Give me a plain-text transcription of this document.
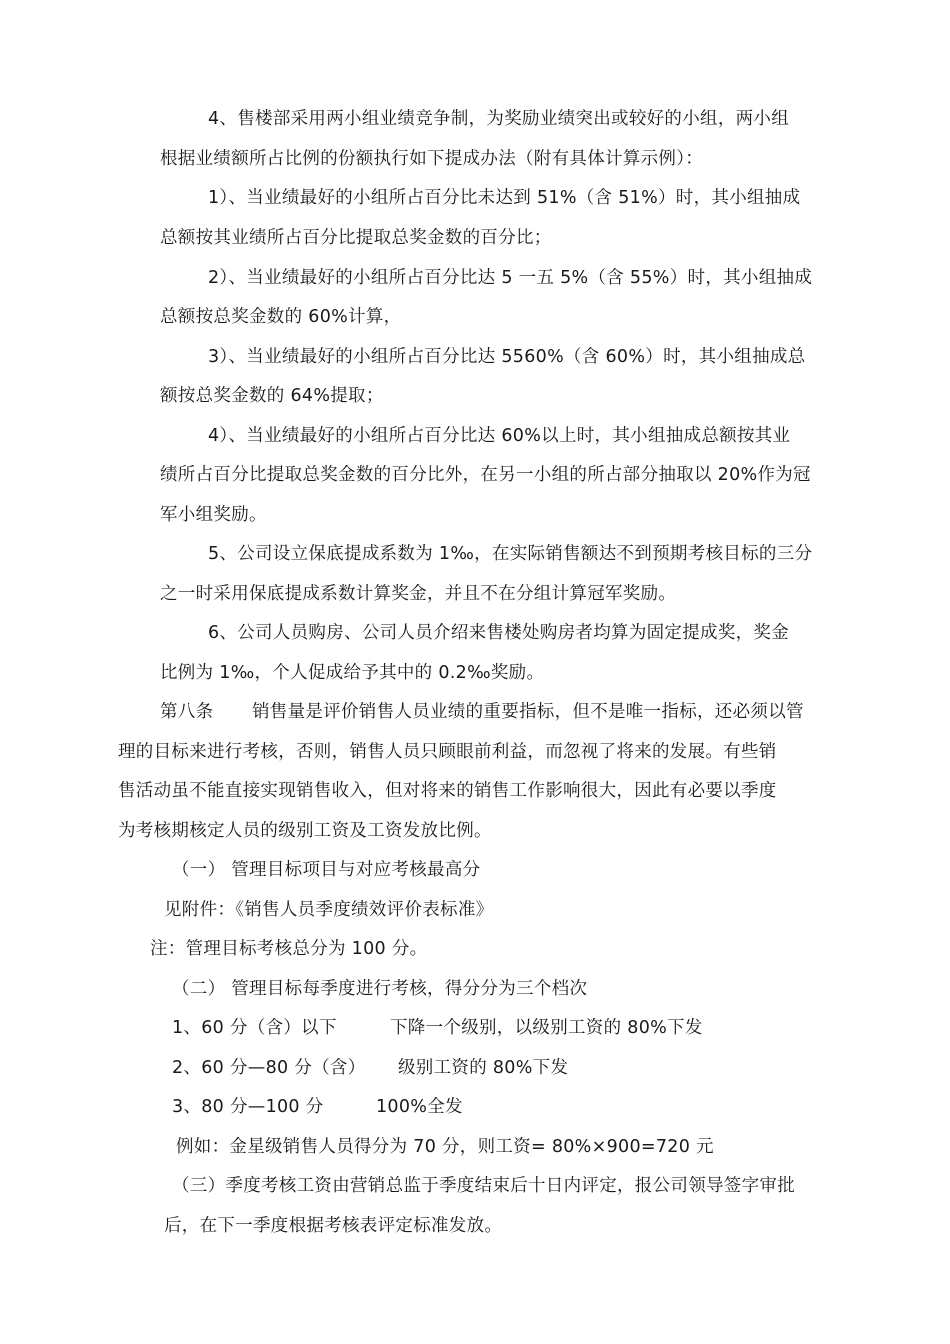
4、售楼部采用两小组业绩竞争制，为奖励业绩突出或较好的小组，两小组
根据业绩额所占比例的份额执行如下提成办法（附有具体计算示例）：
1）、当业绩最好的小组所占百分比未达到 51%（含 51%）时，其小组抽成
总额按其业绩所占百分比提取总奖金数的百分比；
2）、当业绩最好的小组所占百分比达 5 一五 5%（含 55%）时，其小组抽成
总额按总奖金数的 60%计算，
3）、当业绩最好的小组所占百分比达 5560%（含 60%）时，其小组抽成总
额按总奖金数的 64%提取；
4）、当业绩最好的小组所占百分比达 60%以上时，其小组抽成总额按其业
绩所占百分比提取总奖金数的百分比外，在另一小组的所占部分抽取以 20%作为冠
军小组奖励。
5、公司设立保底提成系数为 1‰，在实际销售额达不到预期考核目标的三分
之一时采用保底提成系数计算奖金，并且不在分组计算冠军奖励。
6、公司人员购房、公司人员介绍来售楼处购房者均算为固定提成奖，奖金
比例为 1‰，个人促成给予其中的 0.2‰奖励。
第八条 销售量是评价销售人员业绩的重要指标，但不是唯一指标，还必须以管
理的目标来进行考核，否则，销售人员只顾眼前利益，而忽视了将来的发展。有些销
售活动虽不能直接实现销售收入，但对将来的销售工作影响很大，因此有必要以季度
为考核期核定人员的级别工资及工资发放比例。
（一） 管理目标项目与对应考核最高分
见附件：《销售人员季度绩效评价表标准》
注：管理目标考核总分为 100 分。
（二） 管理目标每季度进行考核，得分分为三个档次
1、60 分（含）以下	下降一个级别，以级别工资的 80%下发
2、60 分—80 分（含） 级别工资的 80%下发
3、80 分—100 分	100%全发
例如：金星级销售人员得分为 70 分，则工资= 80%×900=720 元
（三）季度考核工资由营销总监于季度结束后十日内评定，报公司领导签字审批
后，在下一季度根据考核表评定标准发放。
